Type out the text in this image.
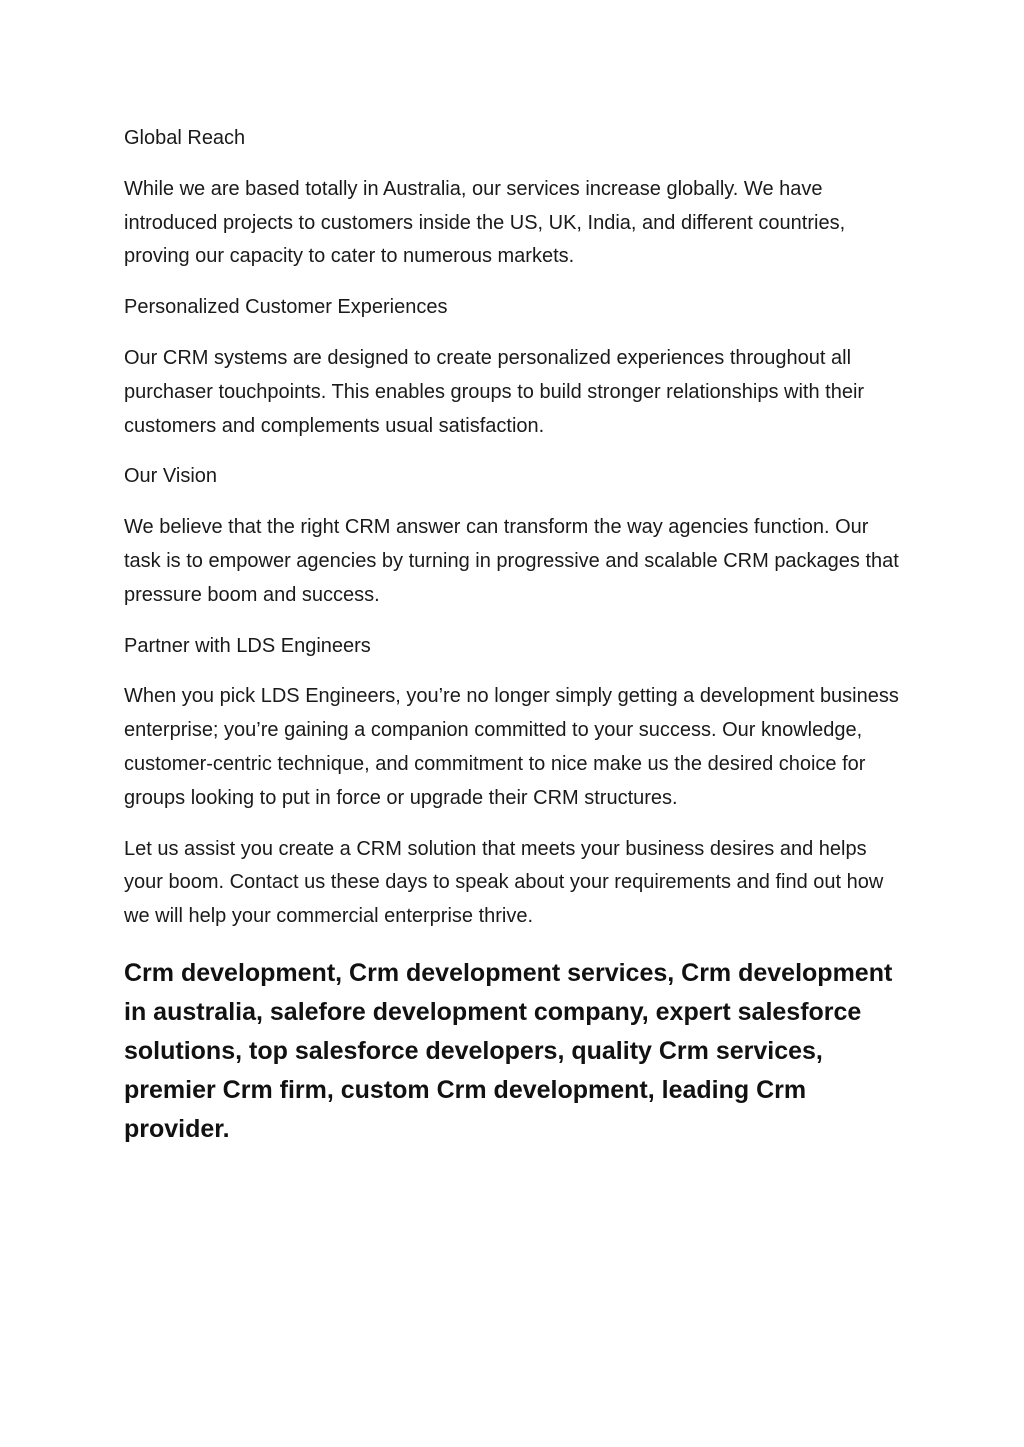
Global Reach
While we are based totally in Australia, our services increase globally. We have introduced projects to customers inside the US, UK, India, and different countries, proving our capacity to cater to numerous markets.
Personalized Customer Experiences
Our CRM systems are designed to create personalized experiences throughout all purchaser touchpoints. This enables groups to build stronger relationships with their customers and complements usual satisfaction.
Our Vision
We believe that the right CRM answer can transform the way agencies function. Our task is to empower agencies by turning in progressive and scalable CRM packages that pressure boom and success.
Partner with LDS Engineers
When you pick LDS Engineers, you’re no longer simply getting a development business enterprise; you’re gaining a companion committed to your success. Our knowledge, customer-centric technique, and commitment to nice make us the desired choice for groups looking to put in force or upgrade their CRM structures.
Let us assist you create a CRM solution that meets your business desires and helps your boom. Contact us these days to speak about your requirements and find out how we will help your commercial enterprise thrive.
Crm development, Crm development services, Crm development in australia, salefore development company, expert salesforce solutions, top salesforce developers, quality Crm services, premier Crm firm, custom Crm development, leading Crm provider.
